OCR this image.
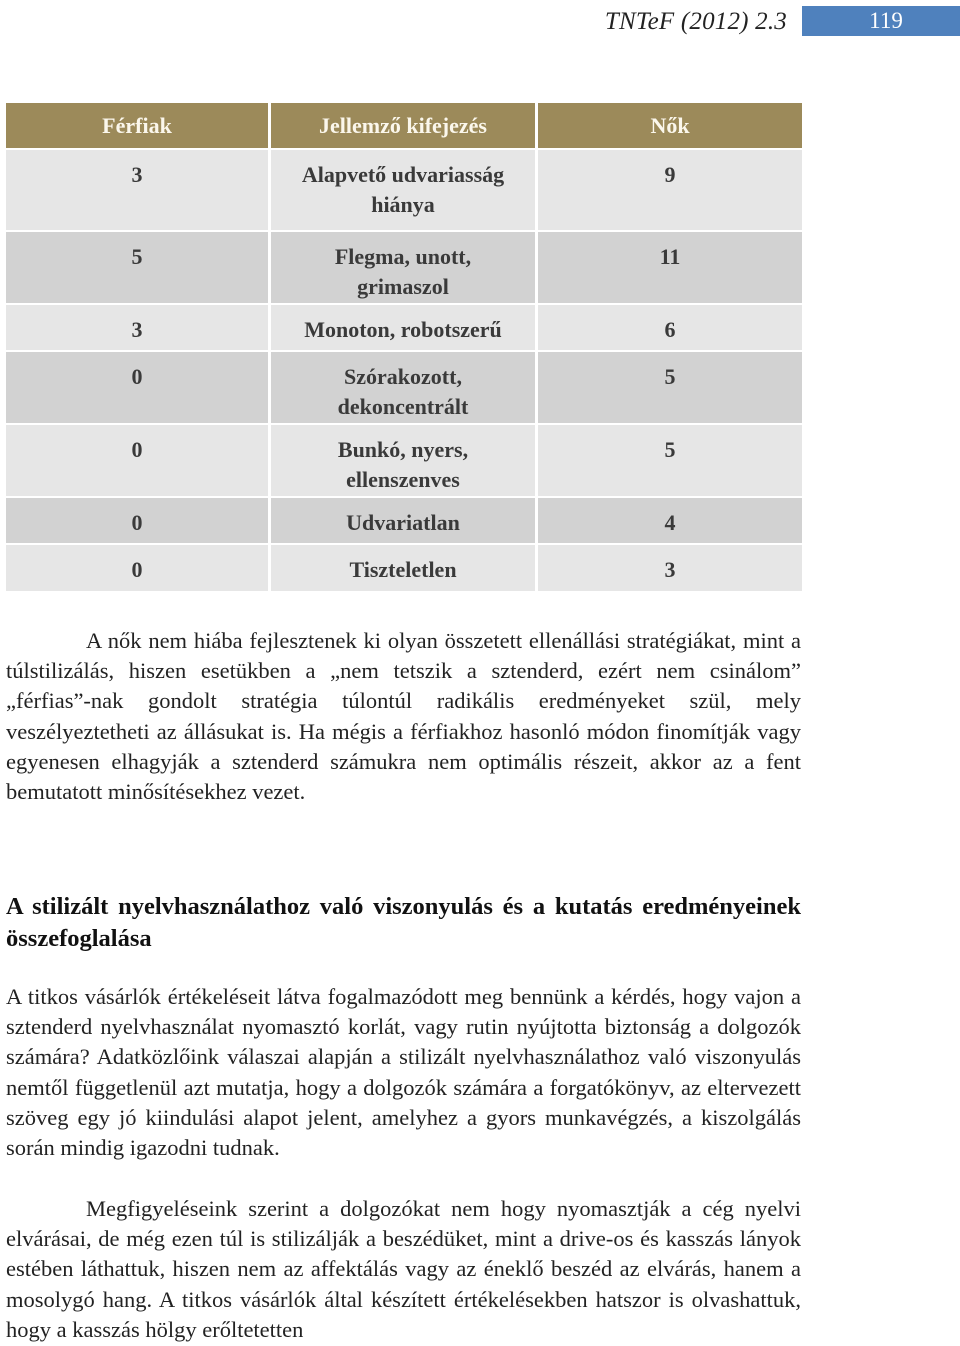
TNTeF (2012) 2.3	119
Férfiak	Jellemző kifejezés	Nők
3	Alapvető udvariasság hiánya	9
5	Flegma, unott, grimaszol	11
3	Monoton, robotszerű	6
0	Szórakozott, dekoncentrált	5
0	Bunkó, nyers, ellenszenves	5
0	Udvariatlan	4
0	Tiszteletlen	3

A nők nem hiába fejlesztenek ki olyan összetett ellenállási stratégiákat, mint a túlstilizálás, hiszen esetükben a „nem tetszik a sztenderd, ezért nem csinálom” „férfias”-nak gondolt stratégia túlontúl radikális eredményeket szül, mely veszélyeztetheti az állásukat is. Ha mégis a férfiakhoz hasonló módon finomítják vagy egyenesen elhagyják a sztenderd számukra nem optimális részeit, akkor az a fent bemutatott minősítésekhez vezet.

A stilizált nyelvhasználathoz való viszonyulás és a kutatás eredményeinek összefoglalása

A titkos vásárlók értékeléseit látva fogalmazódott meg bennünk a kérdés, hogy vajon a sztenderd nyelvhasználat nyomasztó korlát, vagy rutin nyújtotta biztonság a dolgozók számára? Adatközlőink válaszai alapján a stilizált nyelvhasználathoz való viszonyulás nemtől függetlenül azt mutatja, hogy a dolgozók számára a forgatókönyv, az eltervezett szöveg egy jó kiindulási alapot jelent, amelyhez a gyors munkavégzés, a kiszolgálás során mindig igazodni tudnak.

Megfigyeléseink szerint a dolgozókat nem hogy nyomasztják a cég nyelvi elvárásai, de még ezen túl is stilizálják a beszédüket, mint a drive-os és kasszás lányok estében láthattuk, hiszen nem az affektálás vagy az éneklő beszéd az elvárás, hanem a mosolygó hang. A titkos vásárlók által készített értékelésekben hatszor is olvashattuk, hogy a kasszás hölgy erőltetetten
